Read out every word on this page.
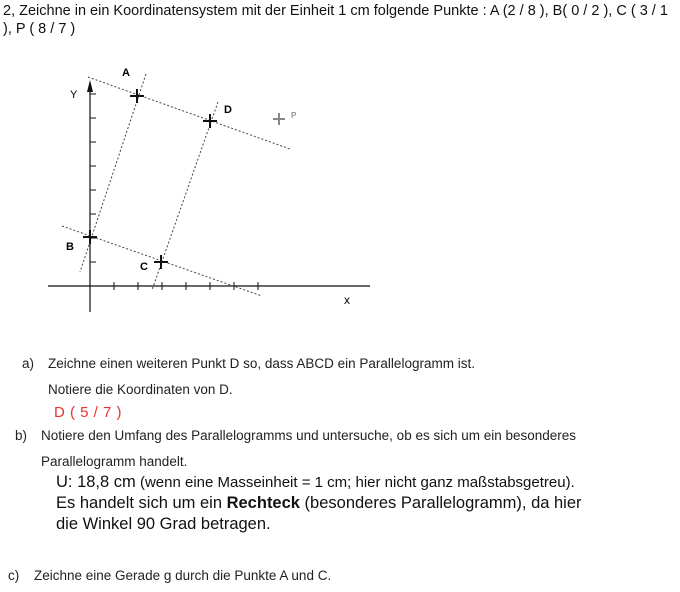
2, Zeichne in ein Koordinatensystem mit der Einheit 1 cm folgende Punkte : A (2 / 8 ), B( 0 / 2 ), C ( 3 / 1 ), P ( 8 / 7 )
Y
x
A
D
B
C
P
a) Zeichne einen weiteren Punkt D so, dass ABCD ein Parallelogramm ist.
Notiere die Koordinaten von D.
D ( 5 / 7 )
b) Notiere den Umfang des Parallelogramms und untersuche, ob es sich um ein besonderes
Parallelogramm handelt.
U: 18,8 cm (wenn eine Masseinheit = 1 cm; hier nicht ganz maßstabsgetreu).
Es handelt sich um ein Rechteck (besonderes Parallelogramm), da hier
die Winkel 90 Grad betragen.
c) Zeichne eine Gerade g durch die Punkte A und C.
